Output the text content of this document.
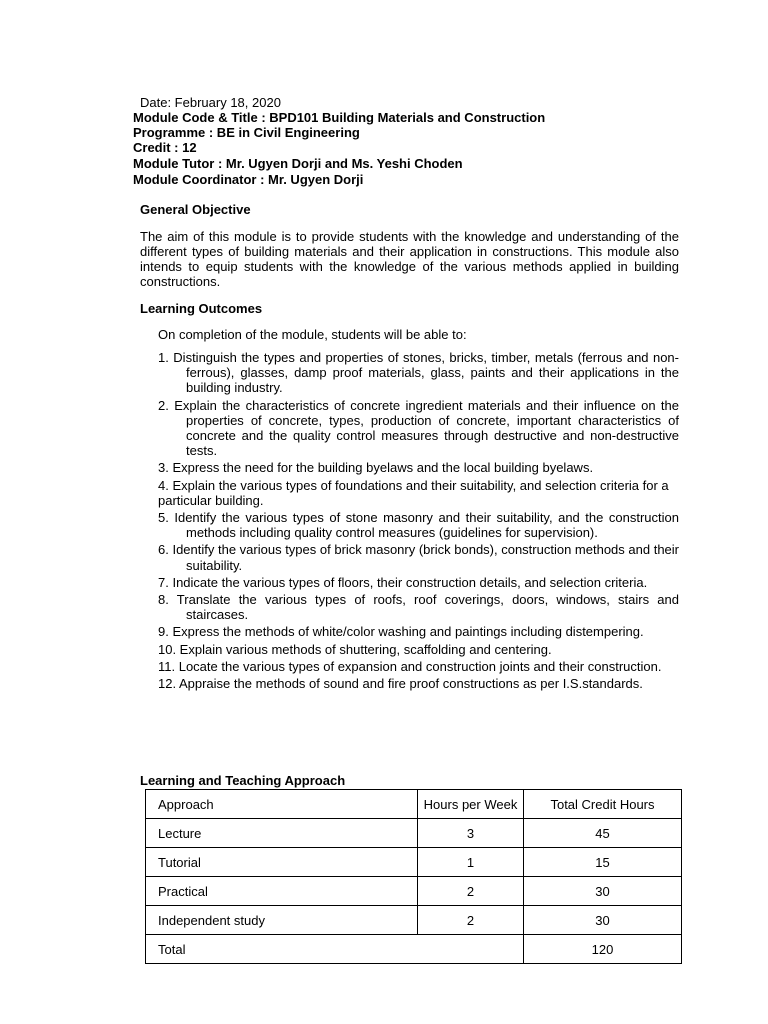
Date: February 18, 2020
Module Code & Title : BPD101 Building Materials and Construction
Programme : BE in Civil Engineering
Credit : 12
Module Tutor : Mr. Ugyen Dorji and Ms. Yeshi Choden
Module Coordinator : Mr. Ugyen Dorji
General Objective
The aim of this module is to provide students with the knowledge and understanding of the different types of building materials and their application in constructions. This module also intends to equip students with the knowledge of the various methods applied in building constructions.
Learning Outcomes
On completion of the module, students will be able to:
1. Distinguish the types and properties of stones, bricks, timber, metals (ferrous and non-ferrous), glasses, damp proof materials, glass, paints and their applications in the building industry.
2. Explain the characteristics of concrete ingredient materials and their influence on the properties of concrete, types, production of concrete, important characteristics of concrete and the quality control measures through destructive and non-destructive tests.
3. Express the need for the building byelaws and the local building byelaws.
4. Explain the various types of foundations and their suitability, and selection criteria for a particular building.
5. Identify the various types of stone masonry and their suitability, and the construction methods including quality control measures (guidelines for supervision).
6. Identify the various types of brick masonry (brick bonds), construction methods and their suitability.
7. Indicate the various types of floors, their construction details, and selection criteria.
8. Translate the various types of roofs, roof coverings, doors, windows, stairs and staircases.
9. Express the methods of white/color washing and paintings including distempering.
10. Explain various methods of shuttering, scaffolding and centering.
11. Locate the various types of expansion and construction joints and their construction.
12. Appraise the methods of sound and fire proof constructions as per I.S.standards.
Learning and Teaching Approach
Approach	Hours per Week	Total Credit Hours
Lecture	3	45
Tutorial	1	15
Practical	2	30
Independent study	2	30
Total		120
